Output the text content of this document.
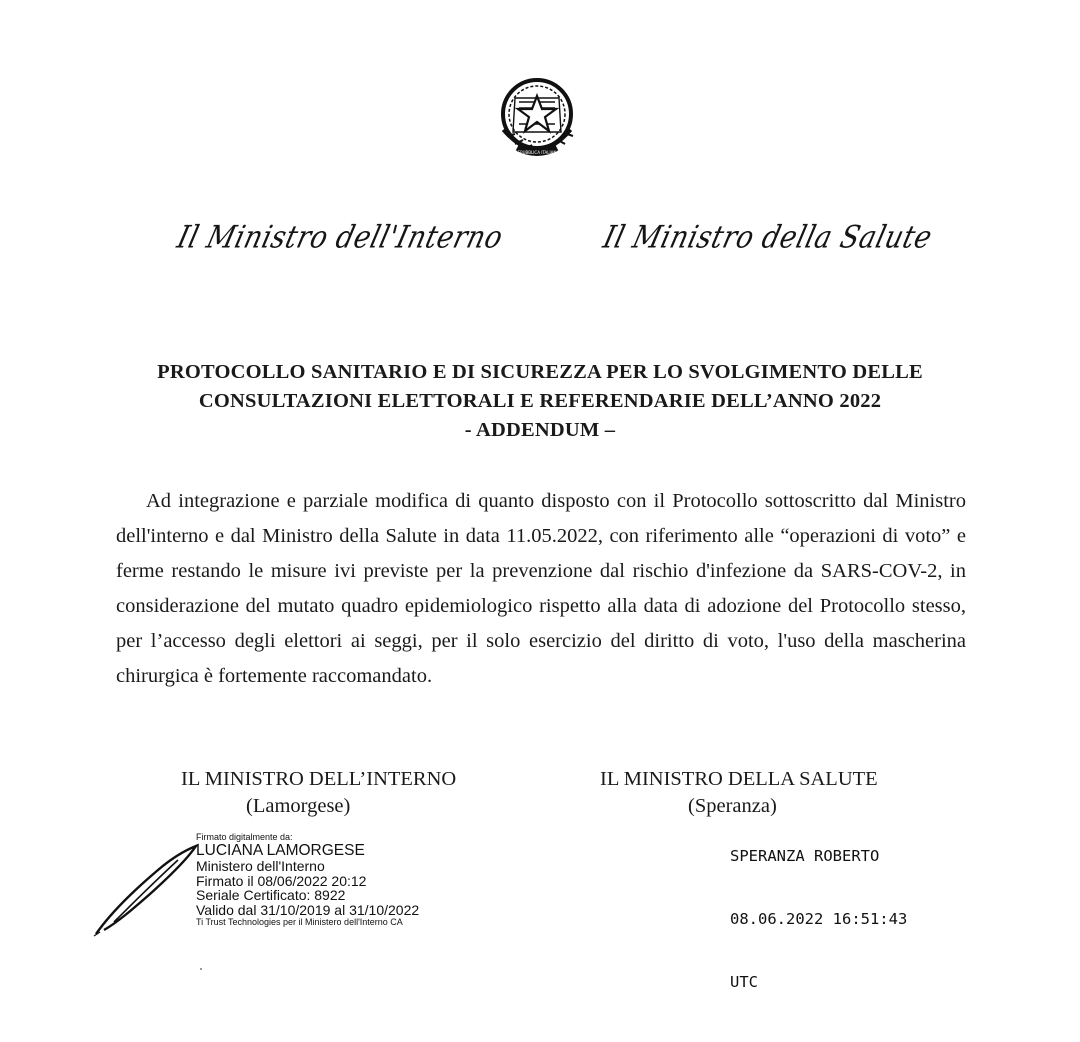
REPUBBLICA ITALIANA
Il Ministro dell'Interno	Il Ministro della Salute
PROTOCOLLO SANITARIO E DI SICUREZZA PER LO SVOLGIMENTO DELLE
CONSULTAZIONI ELETTORALI E REFERENDARIE DELL’ANNO 2022
- ADDENDUM –

Ad integrazione e parziale modifica di quanto disposto con il Protocollo sottoscritto dal Ministro dell'interno e dal Ministro della Salute in data 11.05.2022, con riferimento alle “operazioni di voto” e ferme restando le misure ivi previste per la prevenzione dal rischio d'infezione da SARS-COV-2, in considerazione del mutato quadro epidemiologico rispetto alla data di adozione del Protocollo stesso, per l’accesso degli elettori ai seggi, per il solo esercizio del diritto di voto, l'uso della mascherina chirurgica è fortemente raccomandato.

IL MINISTRO DELL’INTERNO
(Lamorgese)
IL MINISTRO DELLA SALUTE
(Speranza)
Firmato digitalmente da:
LUCIANA LAMORGESE
Ministero dell'Interno
Firmato il 08/06/2022 20:12
Seriale Certificato: 8922
Valido dal 31/10/2019 al 31/10/2022
Ti Trust Technologies per il Ministero dell'Interno CA

SPERANZA ROBERTO

08.06.2022 16:51:43

UTC
